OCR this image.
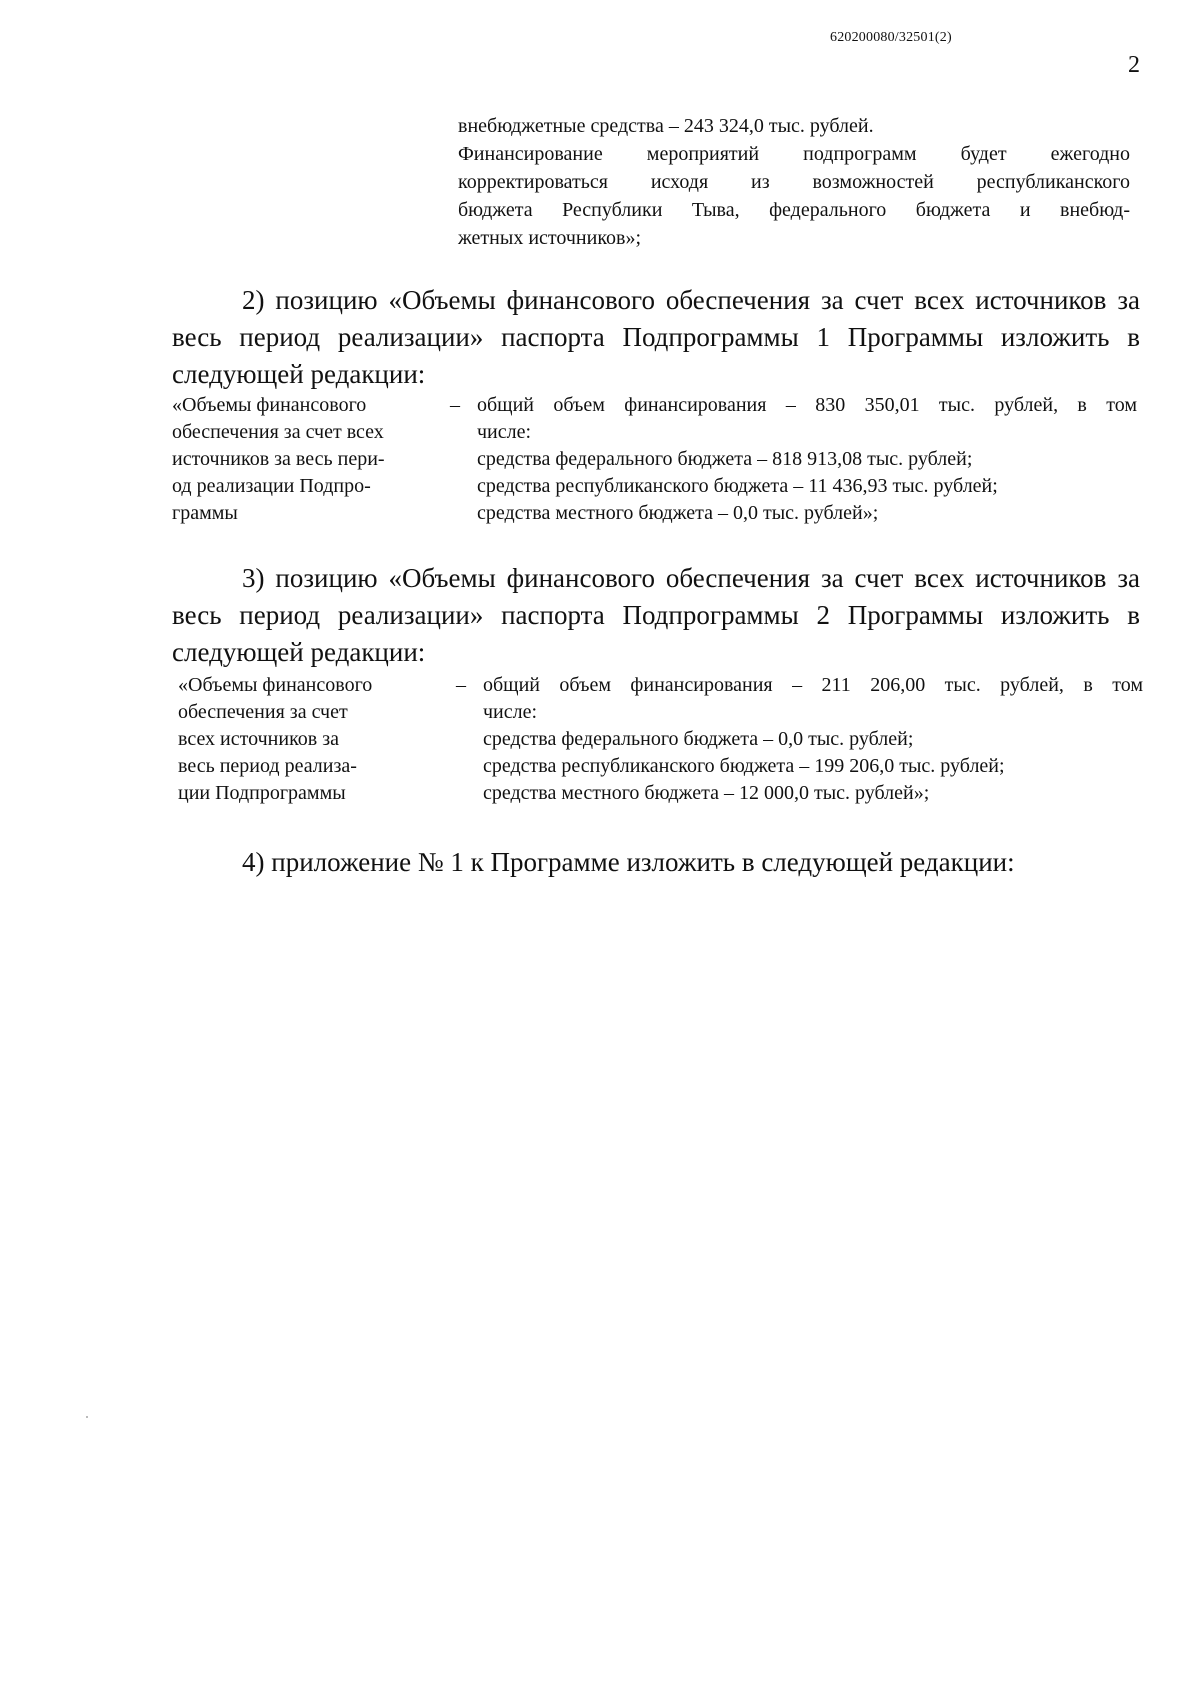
620200080/32501(2)
2
внебюджетные средства – 243 324,0 тыс. рублей.
Финансирование мероприятий подпрограмм будет ежегодно
корректироваться исходя из возможностей республиканского
бюджета Республики Тыва, федерального бюджета и внебюд-
жетных источников»;
2) позицию «Объемы финансового обеспечения за счет всех источников за весь период реализации» паспорта Подпрограммы 1 Программы изложить в следующей редакции:
«Объемы финансового
обеспечения за счет всех
источников за весь пери-
од реализации Подпро-
граммы
– общий объем финансирования – 830 350,01 тыс. рублей, в том
числе:
средства федерального бюджета – 818 913,08 тыс. рублей;
средства республиканского бюджета – 11 436,93 тыс. рублей;
средства местного бюджета – 0,0 тыс. рублей»;
3) позицию «Объемы финансового обеспечения за счет всех источников за весь период реализации» паспорта Подпрограммы 2 Программы изложить в следующей редакции:
«Объемы финансового
обеспечения за счет
всех источников за
весь период реализа-
ции Подпрограммы
– общий объем финансирования – 211 206,00 тыс. рублей, в том
числе:
средства федерального бюджета – 0,0 тыс. рублей;
средства республиканского бюджета – 199 206,0 тыс. рублей;
средства местного бюджета – 12 000,0 тыс. рублей»;
4) приложение № 1 к Программе изложить в следующей редакции:
